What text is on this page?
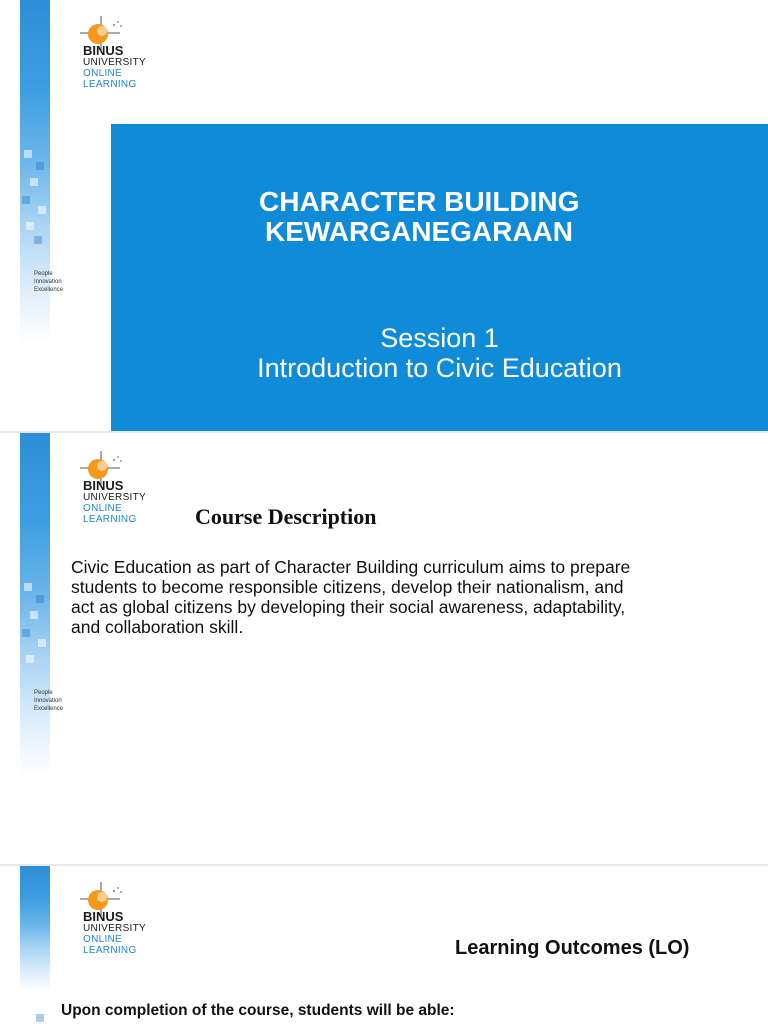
BINUS
UNIVERSITY
ONLINE
LEARNING
People
Innovation
Excellence
CHARACTER BUILDING
KEWARGANEGARAAN
Session 1
Introduction to Civic Education
BINUS
UNIVERSITY
ONLINE
LEARNING	Course Description
Civic Education as part of Character Building curriculum aims to prepare
students to become responsible citizens, develop their nationalism, and
act as global citizens by developing their social awareness, adaptability,
and collaboration skill.
People
Innovation
Excellence
BINUS
UNIVERSITY
ONLINE
LEARNING	Learning Outcomes (LO)
Upon completion of the course, students will be able:
